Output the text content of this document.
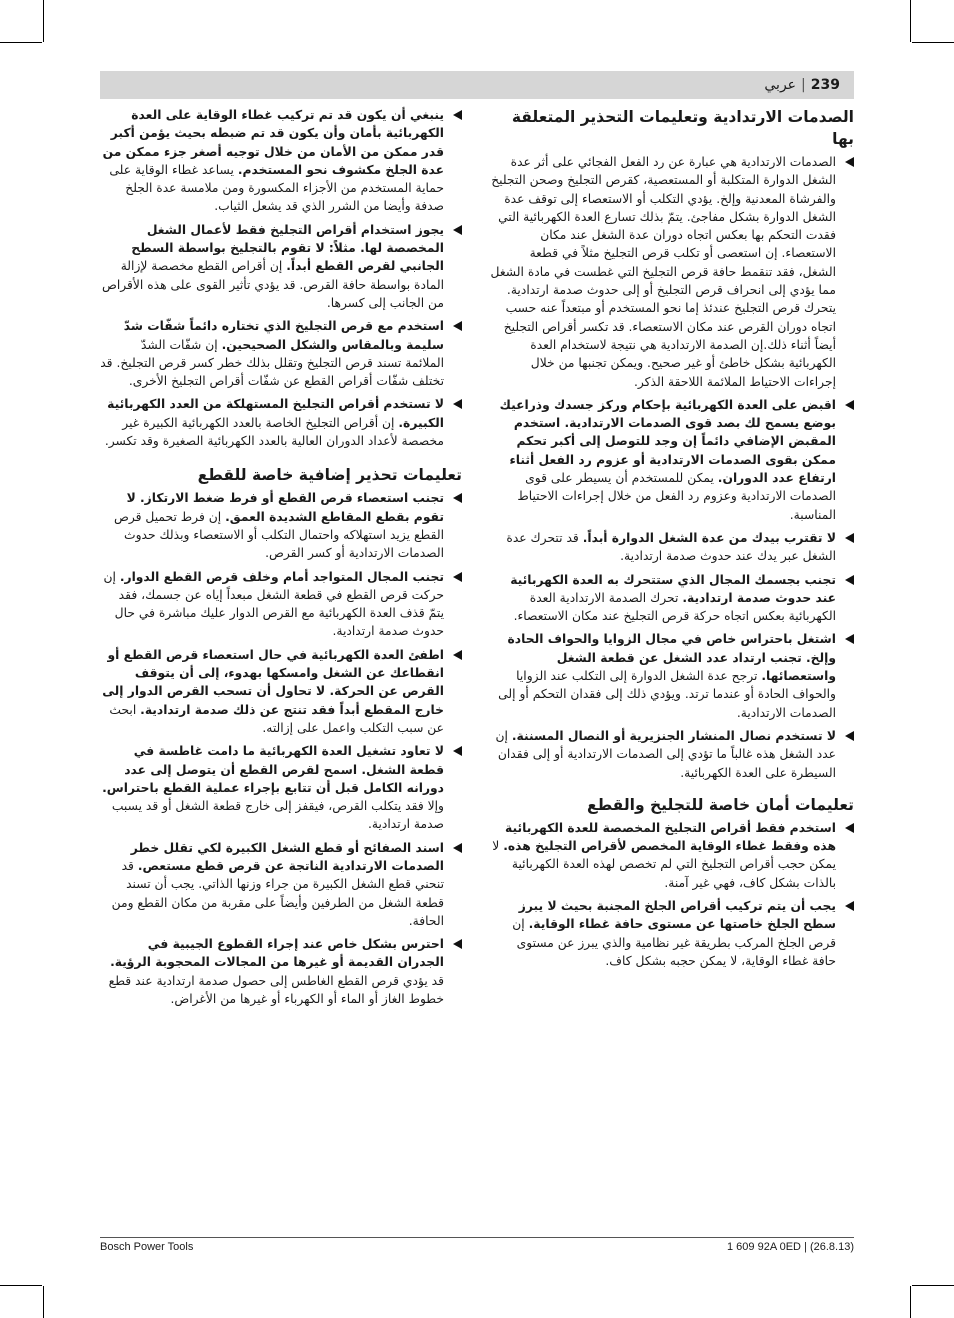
239|عربي
الصدمات الارتدادية وتعليمات التحذير المتعلقة بها
الصدمات الارتدادية هي عبارة عن رد الفعل الفجائي على أثر عدة الشغل الدوارة المتكلبة أو المستعصية، كقرص التجليخ وصحن التجليخ والفرشاة المعدنية وإلخ. يؤدي التكلب أو الاستعصاء إلى توقف عدة الشغل الدوارة بشكل مفاجئ. يتمّ بذلك تسارع العدة الكهربائية التي فقدت التحكم بها بعكس اتجاه دوران عدة الشغل عند مكان الاستعصاء. إن استعصى أو تكلب قرص التجليخ مثلاً في قطعة الشغل، فقد تنقمط حافة قرص التجليخ التي غطست في مادة الشغل مما يؤدي إلى انحراف قرص التجليخ أو إلى حدوث صدمة ارتدادية. يتحرك قرص التجليخ عندئذ إما نحو المستخدم أو مبتعداً عنه حسب اتجاه دوران القرص عند مكان الاستعصاء. قد تكسر أقراص التجليخ أيضاً أثناء ذلك.إن الصدمة الارتدادية هي نتيجة لاستخدام العدة الكهربائية بشكل خاطئ أو غير صحيح. ويمكن تجنبها من خلال إجراءات الاحتياط الملائمة اللاحقة الذكر.
اقبض على العدة الكهربائية بإحكام وركز جسدك وذراعيك بوضع يسمح لك بصد قوى الصدمات الارتدادية. استخدم المقبض الإضافي دائماً إن وجد للتوصل إلى أكبر تحكم ممكن بقوى الصدمات الارتدادية أو عزوم رد الفعل أثناء ارتفاع عدد الدوران. يمكن للمستخدم أن يسيطر على قوى الصدمات الارتدادية وعزوم رد الفعل من خلال إجراءات الاحتياط المناسبة.
لا تقترب بيدك من عدة الشغل الدوارة أبداً. قد تتحرك عدة الشغل عبر يدك عند حدوث صدمة ارتدادية.
تجنب بجسمك المجال الذي ستتحرك به العدة الكهربائية عند حدوث صدمة ارتدادية. تحرك الصدمة الارتدادية العدة الكهربائية بعكس اتجاه حركة قرص التجليخ عند مكان الاستعصاء.
اشتغل باحتراس خاص في مجال الزوايا والحواف الحادة وإلخ. تجنب ارتداد عدد الشغل عن قطعة الشغل واستعصائها. ترجح عدة الشغل الدوارة إلى التكلب عند الزوايا والحواف الحادة أو عندما ترتد. ويؤدي ذلك إلى فقدان التحكم أو إلى الصدمات الارتدادية.
لا تستخدم نصال المنشار الجنزيرية أو النصال المسننة. إن عدد الشغل هذه غالباً ما تؤدي إلى الصدمات الارتدادية أو إلى فقدان السيطرة على العدة الكهربائية.
تعليمات أمان خاصة للتجليخ والقطع
استخدم فقط أقراص التجليخ المخصصة للعدة الكهربائية هذه وفقط غطاء الوقاية المخصص لأقراص التجليخ هذه. لا يمكن حجب أقراص التجليخ التي لم تخصص لهذه العدة الكهربائية بالذات بشكل كاف، فهي غير آمنة.
يجب أن يتم تركيب أقراص الجلخ المجنبة بحيث لا يبرز سطح الجلخ خاصتها عن مستوى حافة غطاء الوقاية. إن قرص الجلخ المركب بطريقة غير نظامية والذي يبرز عن مستوى حافة غطاء الوقاية، لا يمكن حجبه بشكل كاف.
ينبغي أن يكون قد تم تركيب غطاء الوقاية على العدة الكهربائية بأمان وأن يكون قد تم ضبطه بحيث يؤمن أكبر قدر ممكن من الأمان من خلال توجيه أصغر جزء ممكن من عدة الجلخ مكشوف نحو المستخدم. يساعد غطاء الوقاية على حماية المستخدم من الأجزاء المكسورة ومن ملامسة عدة الجلخ صدفة وأيضا من الشرر الذي قد يشعل الثياب.
يجوز استخدام أقراص التجليخ فقط لأعمال الشغل المخصصة لها. مثلاً: لا تقوم بالتجليخ بواسطة السطح الجانبي لقرص القطع أبداً. إن أقراص القطع مخصصة لإزالة المادة بواسطة حافة القرص. قد يؤدي تأثير القوى على هذه الأقراص من الجانب إلى كسرها.
استخدم مع قرص التجليخ الذي تختاره دائماً شفّات شدّ سليمة وبالمقاس والشكل الصحيحين. إن شفّات الشدّ الملائمة تسند قرص التجليخ وتقلل بذلك خطر كسر قرص التجليخ. قد تختلف شفّات أقراص القطع عن شفّات أقراص التجليخ الأخرى.
لا تستخدم أقراص التجليخ المستهلكة من العدد الكهربائية الكبيرة. إن أقراص التجليخ الخاصة بالعدد الكهربائية الكبيرة غير مخصصة لأعداد الدوران العالية بالعدد الكهربائية الصغيرة وقد تكسر.
تعليمات تحذير إضافية خاصة للقطع
تجنب استعصاء قرص القطع أو فرط ضغط الارتكاز. لا تقوم بقطع المقاطع الشديدة العمق. إن فرط تحميل قرص القطع يزيد استهلاكه واحتمال التكلب أو الاستعصاء وبذلك حدوث الصدمات الارتدادية أو كسر القرص.
تجنب المجال المتواجد أمام وخلف قرص القطع الدوار. إن حركت قرص القطع في قطعة الشغل مبعداً إياه عن جسمك، فقد يتمّ قذف العدة الكهربائية مع القرص الدوار عليك مباشرة في حال حدوث صدمة ارتدادية.
اطفئ العدة الكهربائية في حال استعصاء قرص القطع أو انقطاعك عن الشغل وامسكها بهدوء، إلى أن يتوقف القرص عن الحركة. لا تحاول أن تسحب القرص الدوار إلى خارج المقطع أبداً فقد تنتج عن ذلك صدمة ارتدادية. ابحث عن سبب التكلب واعمل على إزالته.
لا تعاود تشغيل العدة الكهربائية ما دامت غاطسة في قطعة الشغل. اسمح لقرص القطع أن يتوصل إلى عدد دورانه الكامل قبل أن تتابع بإجراء عملية القطع باحتراس. وإلا فقد يتكلب القرص، فيقفز إلى خارج قطعة الشغل أو قد يسبب صدمة ارتدادية.
اسند الصفائح أو قطع الشغل الكبيرة لكي تقلل خطر الصدمات الارتدادية الناتجة عن قرص قطع مستعص. قد تنحني قطع الشغل الكبيرة من جراء وزنها الذاتي. يجب أن تسند قطعة الشغل من الطرفين وأيضاً على مقربة من مكان القطع ومن الحافة.
احترس بشكل خاص عند إجراء القطوع الجيبية في الجدران القديمة أو غيرها من المجالات المحجوبة الرؤية. قد يؤدي قرص القطع الغاطس إلى حصول صدمة ارتدادية عند قطع خطوط الغاز أو الماء أو الكهرباء أو غيرها من الأغراض.
Bosch Power Tools	1 609 92A 0ED | (26.8.13)
